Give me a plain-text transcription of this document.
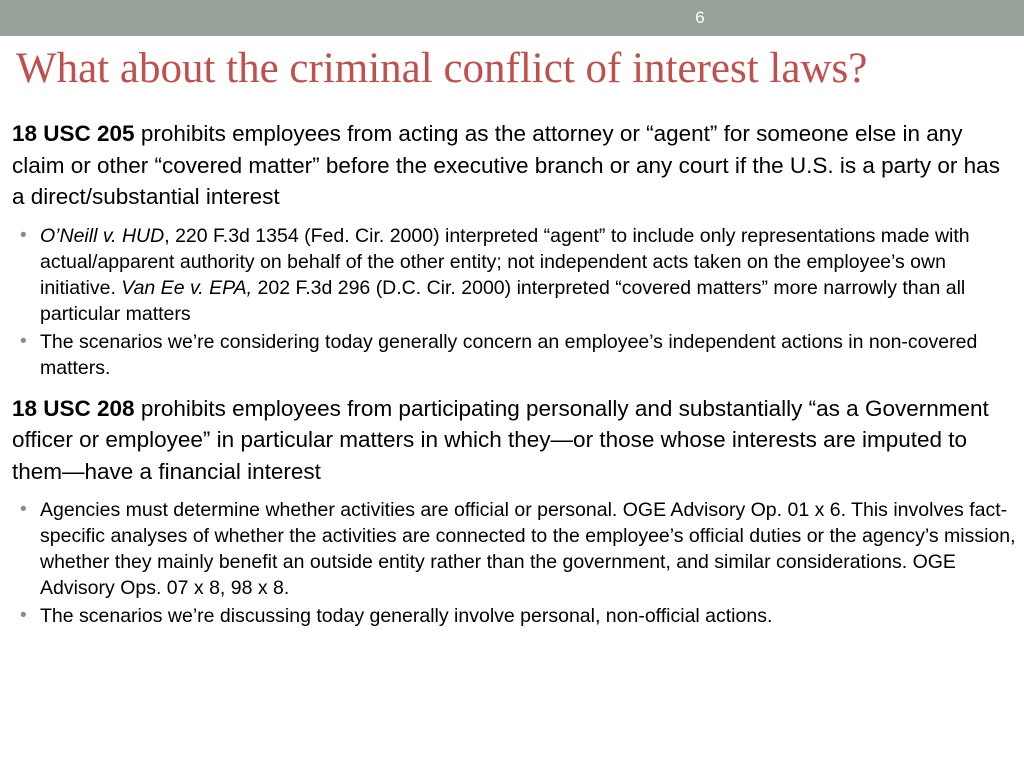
6
What about the criminal conflict of interest laws?

18 USC 205 prohibits employees from acting as the attorney or “agent” for someone else in any claim or other “covered matter” before the executive branch or any court if the U.S. is a party or has a direct/substantial interest

• O’Neill v. HUD, 220 F.3d 1354 (Fed. Cir. 2000) interpreted “agent” to include only representations made with actual/apparent authority on behalf of the other entity; not independent acts taken on the employee’s own initiative. Van Ee v. EPA, 202 F.3d 296 (D.C. Cir. 2000) interpreted “covered matters” more narrowly than all particular matters

• The scenarios we’re considering today generally concern an employee’s independent actions in non-covered matters.

18 USC 208 prohibits employees from participating personally and substantially “as a Government officer or employee” in particular matters in which they—or those whose interests are imputed to them—have a financial interest

• Agencies must determine whether activities are official or personal. OGE Advisory Op. 01 x 6. This involves fact-specific analyses of whether the activities are connected to the employee’s official duties or the agency’s mission, whether they mainly benefit an outside entity rather than the government, and similar considerations. OGE Advisory Ops. 07 x 8, 98 x 8.

• The scenarios we’re discussing today generally involve personal, non-official actions.
